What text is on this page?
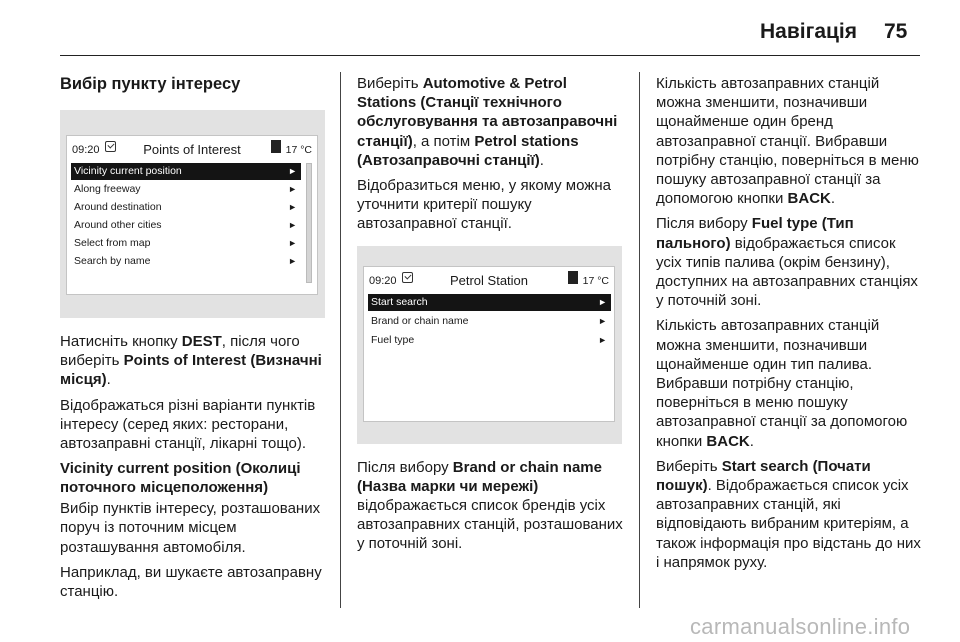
Навігація 75

Вибір пункту інтересу

09:20	Points of Interest	17 °C
Vicinity current position	►
Along freeway	►
Around destination	►
Around other cities	►
Select from map	►
Search by name	►

Натисніть кнопку DEST, після чого виберіть Points of Interest (Визначні місця).

Відображаться різні варіанти пунктів інтересу (серед яких: ресторани, автозаправні станції, лікарні тощо).

Vicinity current position (Околиці поточного місцеположення)

Вибір пунктів інтересу, розташованих поруч із поточним місцем розташування автомобіля.

Наприклад, ви шукаєте автозаправну станцію.

Виберіть Automotive & Petrol Stations (Станції технічного обслуговування та автозаправочні станції), а потім Petrol stations (Автозаправочні станції).

Відобразиться меню, у якому можна уточнити критерії пошуку автозаправної станції.

09:20	Petrol Station	17 °C
Start search	►
Brand or chain name	►
Fuel type	►

Після вибору Brand or chain name (Назва марки чи мережі) відображається список брендів усіх автозаправних станцій, розташованих у поточній зоні.

Кількість автозаправних станцій можна зменшити, позначивши щонайменше один бренд автозаправної станції. Вибравши потрібну станцію, поверніться в меню пошуку автозаправної станції за допомогою кнопки BACK.

Після вибору Fuel type (Тип пального) відображається список усіх типів палива (окрім бензину), доступних на автозаправних станціях у поточній зоні.

Кількість автозаправних станцій можна зменшити, позначивши щонайменше один тип палива. Вибравши потрібну станцію, поверніться в меню пошуку автозаправної станції за допомогою кнопки BACK.

Виберіть Start search (Почати пошук). Відображається список усіх автозаправних станцій, які відповідають вибраним критеріям, а також інформація про відстань до них і напрямок руху.

carmanualsonline.info
